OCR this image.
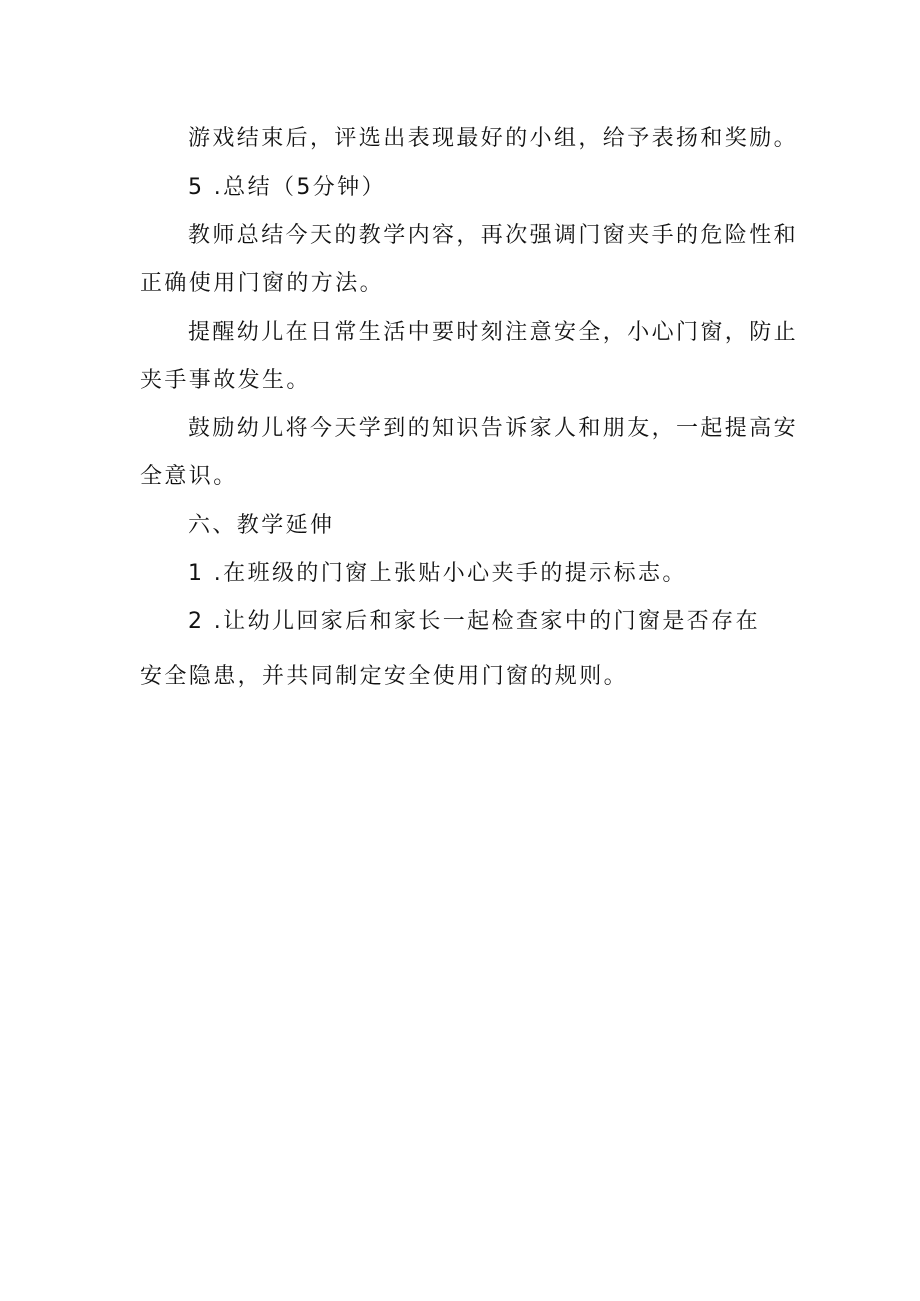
游戏结束后，评选出表现最好的小组，给予表扬和奖励。
5 .总结（5分钟）
教师总结今天的教学内容，再次强调门窗夹手的危险性和
正确使用门窗的方法。
提醒幼儿在日常生活中要时刻注意安全，小心门窗，防止
夹手事故发生。
鼓励幼儿将今天学到的知识告诉家人和朋友，一起提高安
全意识。
六、教学延伸
1 .在班级的门窗上张贴小心夹手的提示标志。
2 .让幼儿回家后和家长一起检查家中的门窗是否存在
安全隐患，并共同制定安全使用门窗的规则。
